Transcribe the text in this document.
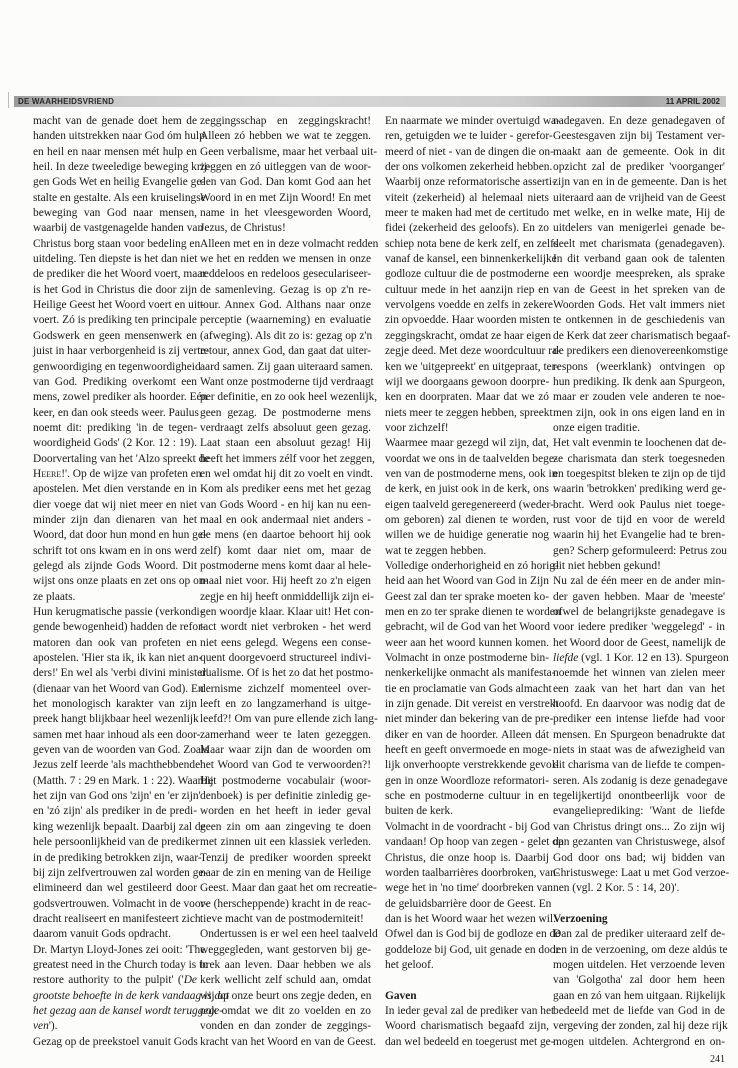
DE WAARHEIDSVRIEND	11 APRIL 2002
macht van de genade doet hem de
handen uitstrekken naar God óm hulp
en heil en naar mensen mét hulp en
heil. In deze tweeledige beweging krij-
gen Gods Wet en heilig Evangelie ge-
stalte en gestalte. Als een kruiselingse
beweging van God naar mensen,
waarbij de vastgenagelde handen van
Christus borg staan voor bedeling en
uitdeling. Ten diepste is het dan niet
de prediker die het Woord voert, maar
is het God in Christus die door zijn
Heilige Geest het Woord voert en uit-
voert. Zó is prediking ten principale
Godswerk en geen mensenwerk en
juist in haar verborgenheid is zij verte-
genwoordiging en tegenwoordigheid
van God. Prediking overkomt een
mens, zowel prediker als hoorder. Eén
keer, en dan ook steeds weer. Paulus
noemt dit: prediking 'in de tegen-
woordigheid Gods' (2 Kor. 12 : 19).
Doorvertaling van het 'Alzo spreekt de
Heere!'. Op de wijze van profeten en
apostelen. Met dien verstande en in
dier voege dat wij niet meer en niet
minder zijn dan dienaren van het
Woord, dat door hun mond en hun ge-
schrift tot ons kwam en in ons werd
gelegd als zijnde Gods Woord. Dit
wijst ons onze plaats en zet ons op on-
ze plaats.
Hun kerugmatische passie (verkondi-
gende bewogenheid) hadden de refor-
matoren dan ook van profeten en
apostelen. 'Hier sta ik, ik kan niet an-
ders!' En wel als 'verbi divini minister'
(dienaar van het Woord van God). En
het monologisch karakter van zijn
preek hangt blijkbaar heel wezenlijk
samen met haar inhoud als een door-
geven van de woorden van God. Zoals
Jezus zelf leerde 'als machthebbende'
(Matth. 7 : 29 en Mark. 1 : 22). Waarbij
het zijn van God ons 'zijn' en 'er zijn'
en 'zó zijn' als prediker in de predi-
king wezenlijk bepaalt. Daarbij zal de
hele persoonlijkheid van de prediker
in de prediking betrokken zijn, waar-
bij zijn zelfvertrouwen zal worden ge-
elimineerd dan wel gestileerd door
godsvertrouwen. Volmacht in de voor-
dracht realiseert en manifesteert zich
daarom vanuit Gods opdracht.
Dr. Martyn Lloyd-Jones zei ooit: 'The
greatest need in the Church today is to
restore authority to the pulpit' ('De
grootste behoefte in de kerk vandaag is dat
het gezag aan de kansel wordt teruggege-
ven').
Gezag op de preekstoel vanuit Gods
zeggingsschap en zeggingskracht!
Alleen zó hebben we wat te zeggen.
Geen verbalisme, maar het verbaal uit-
zeggen en zó uitleggen van de woor-
den van God. Dan komt God aan het
Woord in en met Zijn Woord! En met
name in het vleesgeworden Woord,
Jezus, de Christus!
Alleen met en in deze volmacht redden
we het en redden we mensen in onze
reddeloos en redeloos geseculariseer-
de samenleving. Gezag is op z'n re-
tour. Annex God. Althans naar onze
perceptie (waarneming) en evaluatie
(afweging). Als dit zo is: gezag op z'n
retour, annex God, dan gaat dat uiter-
aard samen. Zij gaan uiteraard samen.
Want onze postmoderne tijd verdraagt
per definitie, en zo ook heel wezenlijk,
geen gezag. De postmoderne mens
verdraagt zelfs absoluut geen gezag.
Laat staan een absoluut gezag! Hij
heeft het immers zélf voor het zeggen,
en wel omdat hij dit zo voelt en vindt.
Kom als prediker eens met het gezag
van Gods Woord - en hij kan nu een-
maal en ook andermaal niet anders -
de mens (en daartoe behoort hij ook
zelf) komt daar niet om, maar de
postmoderne mens komt daar al hele-
maal niet voor. Hij heeft zo z'n eigen
zegje en hij heeft onmiddellijk zijn ei-
gen woordje klaar. Klaar uit! Het con-
tact wordt niet verbroken - het werd
niet eens gelegd. Wegens een conse-
quent doorgevoerd structureel indivi-
dualisme. Of is het zo dat het postmo-
dernisme zichzelf momenteel over-
leeft en zo langzamerhand is uitge-
leefd?! Om van pure ellende zich lang-
zamerhand weer te laten gezeggen.
Maar waar zijn dan de woorden om
het Woord van God te verwoorden?!
Het postmoderne vocabulair (woor-
denboek) is per definitie zinledig ge-
worden en het heeft in ieder geval
geen zin om aan zingeving te doen
met zinnen uit een klassiek verleden.
Tenzij de prediker woorden spreekt
naar de zin en mening van de Heilige
Geest. Maar dan gaat het om recreatie-
ve (herscheppende) kracht in de reac-
tieve macht van de postmoderniteit!
Ondertussen is er wel een heel taalveld
weggegleden, want gestorven bij ge-
brek aan leven. Daar hebben we als
kerk wellicht zelf schuld aan, omdat
wij op onze beurt ons zegje deden, en
ook omdat we dit zo voelden en zo
vonden en dan zonder de zeggings-
kracht van het Woord en van de Geest.
En naarmate we minder overtuigd wa-
ren, getuigden we te luider - gerefor-
meerd of niet - van de dingen die on-
der ons volkomen zekerheid hebben.
Waarbij onze reformatorische asserti-
viteit (zekerheid) al helemaal niets
meer te maken had met de certitudo
fidei (zekerheid des geloofs). En zo
schiep nota bene de kerk zelf, en zelfs
vanaf de kansel, een binnenkerkelijke
godloze cultuur die de postmoderne
cultuur mede in het aanzijn riep en
vervolgens voedde en zelfs in zekere
zin opvoedde. Haar woorden misten
zeggingskracht, omdat ze haar eigen
zegje deed. Met deze woordcultuur ra-
ken we 'uitgepreekt' en uitgepraat, ter-
wijl we doorgaans gewoon doorpre-
ken en doorpraten. Maar dat we zó
niets meer te zeggen hebben, spreekt
voor zichzelf!
Waarmee maar gezegd wil zijn, dat,
voordat we ons in de taalvelden bege-
ven van de postmoderne mens, ook in
de kerk, en juist ook in de kerk, ons
eigen taalveld geregenereerd (weder-
om geboren) zal dienen te worden,
willen we de huidige generatie nog
wat te zeggen hebben.
Volledige onderhorigheid en zó horig-
heid aan het Woord van God in Zijn
Geest zal dan ter sprake moeten ko-
men en zo ter sprake dienen te worden
gebracht, wil de God van het Woord
weer aan het woord kunnen komen.
Volmacht in onze postmoderne bin-
nenkerkelijke onmacht als manifesta-
tie en proclamatie van Gods almacht
in zijn genade. Dit vereist en verstrekt
niet minder dan bekering van de pre-
diker en van de hoorder. Alleen dát
heeft en geeft onvermoede en moge-
lijk onverhoopte verstrekkende gevol-
gen in onze Woordloze reformatori-
sche en postmoderne cultuur in en
buiten de kerk.
Volmacht in de voordracht - bij God
vandaan! Op hoop van zegen - gelet op
Christus, die onze hoop is. Daarbij
worden taalbarrières doorbroken, van-
wege het in 'no time' doorbreken van
de geluidsbarrière door de Geest. En
dan is het Woord waar het wezen wil.
Ofwel dan is God bij de godloze en de
goddeloze bij God, uit genade en door
het geloof.
Gaven
In ieder geval zal de prediker van het
Woord charismatisch begaafd zijn,
dan wel bedeeld en toegerust met ge-
nadegaven. En deze genadegaven of
Geestesgaven zijn bij Testament ver-
maakt aan de gemeente. Ook in dit
opzicht zal de prediker 'voorganger'
zijn van en in de gemeente. Dan is het
uiteraard aan de vrijheid van de Geest
met welke, en in welke mate, Hij de
uitdelers van menigerlei genade be-
deelt met charismata (genadegaven).
In dit verband gaan ook de talenten
een woordje meespreken, als sprake
van de Geest in het spreken van de
Woorden Gods. Het valt immers niet
te ontkennen in de geschiedenis van
de Kerk dat zeer charismatisch begaaf-
de predikers een dienovereenkomstige
respons (weerklank) ontvingen op
hun prediking. Ik denk aan Spurgeon,
maar er zouden vele anderen te noe-
men zijn, ook in ons eigen land en in
onze eigen traditie.
Het valt evenmin te loochenen dat de-
ze charismata dan sterk toegesneden
en toegespitst bleken te zijn op de tijd
waarin 'betrokken' prediking werd ge-
bracht. Werd ook Paulus niet toege-
rust voor de tijd en voor de wereld
waarin hij het Evangelie had te bren-
gen? Scherp geformuleerd: Petrus zou
dit niet hebben gekund!
Nu zal de één meer en de ander min-
der gaven hebben. Maar de 'meeste'
ofwel de belangrijkste genadegave is
voor iedere prediker 'weggelegd' - in
het Woord door de Geest, namelijk de
liefde (vgl. 1 Kor. 12 en 13). Spurgeon
noemde het winnen van zielen meer
een zaak van het hart dan van het
hoofd. En daarvoor was nodig dat de
prediker een intense liefde had voor
mensen. En Spurgeon benadrukte dat
niets in staat was de afwezigheid van
dit charisma van de liefde te compen-
seren. Als zodanig is deze genadegave
tegelijkertijd onontbeerlijk voor de
evangelieprediking: 'Want de liefde
van Christus dringt ons... Zo zijn wij
dan gezanten van Christuswege, alsof
God door ons bad; wij bidden van
Christuswege: Laat u met God verzoe-
nen (vgl. 2 Kor. 5 : 14, 20)'.
Verzoening
Dan zal de prediker uiteraard zelf de-
len in de verzoening, om deze aldús te
mogen uitdelen. Het verzoende leven
van 'Golgotha' zal door hem heen
gaan en zó van hem uitgaan. Rijkelijk
bedeeld met de liefde van God in de
vergeving der zonden, zal hij deze rijk
mogen uitdelen. Achtergrond en on-
241
